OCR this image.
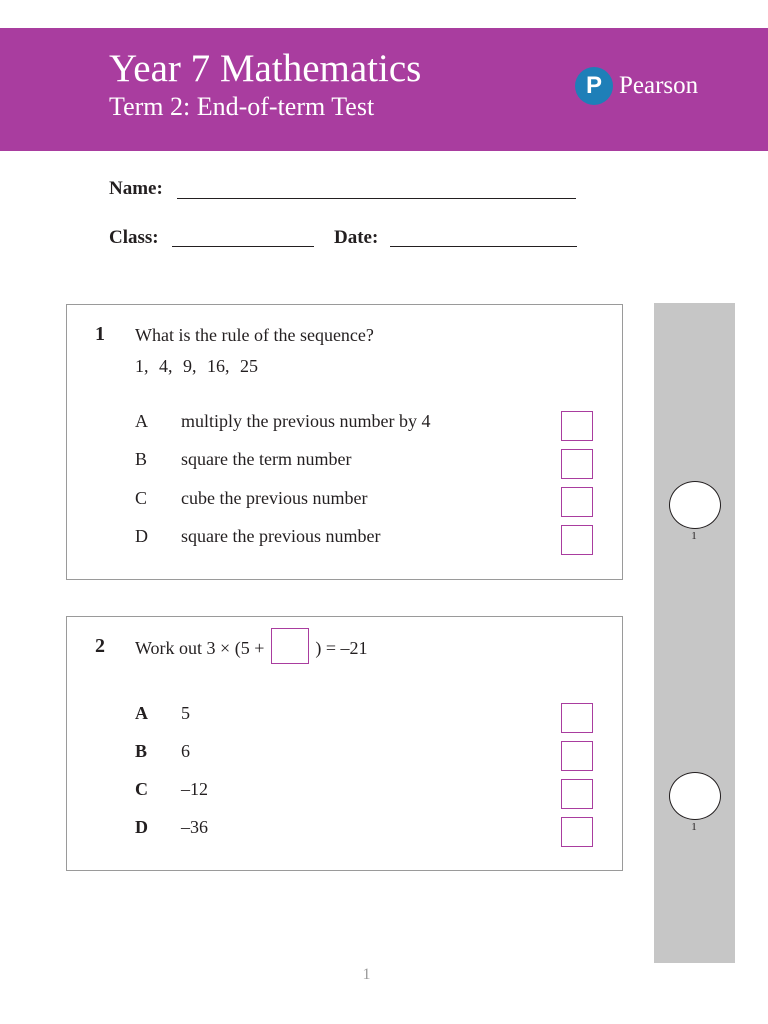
Year 7 Mathematics
Term 2: End-of-term Test
P Pearson
Name:
Class:	Date:
1
1
1 What is the rule of the sequence?
1, 4, 9, 16, 25
A multiply the previous number by 4
B square the term number
C cube the previous number
D square the previous number
2 Work out 3 × (5 +	) = –21
A 5
B 6
C –12
D –36
1
